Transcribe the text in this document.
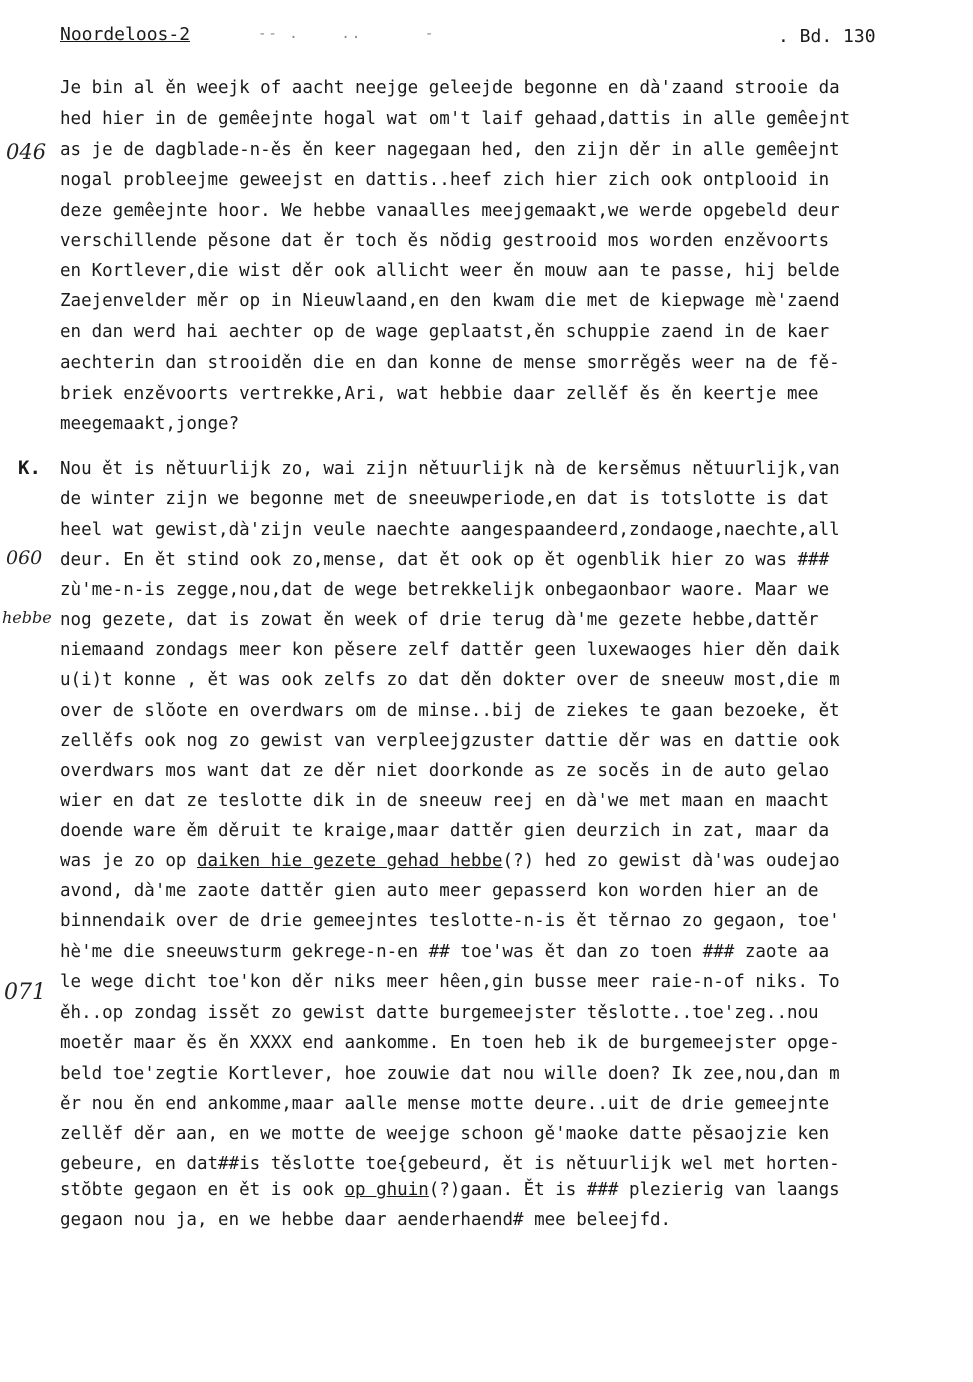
Noordeloos-2	-- .    ..      -	. Bd. 130
046
K.
060
hebbe
071
Je bin al ěn weejk of aacht neejge geleejde begonne en dà'zaand strooie da
hed hier in de gemêejnte hogal wat om't laif gehaad,dattis in alle gemêejnt
as je de dagblade-n-ěs ěn keer nagegaan hed, den zijn děr in alle gemêejnt
nogal probleejme geweejst en dattis..heef zich hier zich ook ontplooid in
deze gemêejnte hoor. We hebbe vanaalles meejgemaakt,we werde opgebeld deur
verschillende pěsone dat ěr toch ěs nŏdig gestrooid mos worden enzěvoorts
en Kortlever,die wist děr ook allicht weer ěn mouw aan te passe, hij belde
Zaejenvelder měr op in Nieuwlaand,en den kwam die met de kiepwage mè'zaend
en dan werd hai aechter op de wage geplaatst,ěn schuppie zaend in de kaer
aechterin dan strooiděn die en dan konne de mense smorrěgěs weer na de fě-
briek enzěvoorts vertrekke,Ari, wat hebbie daar zellěf ěs ěn keertje mee
meegemaakt,jonge?
Nou ět is nětuurlijk zo, wai zijn nětuurlijk nà de kersěmus nětuurlijk,van
de winter zijn we begonne met de sneeuwperiode,en dat is totslotte is dat
heel wat gewist,dà'zijn veule naechte aangespaandeerd,zondaoge,naechte,all
deur. En ět stind ook zo,mense, dat ět ook op ět ogenblik hier zo was ###
zù'me-n-is zegge,nou,dat de wege betrekkelijk onbegaonbaor waore. Maar we
nog gezete, dat is zowat ěn week of drie terug dà'me gezete hebbe,dattěr
niemaand zondags meer kon pěsere zelf dattěr geen luxewaoges hier děn daik
u(i)t konne , ět was ook zelfs zo dat děn dokter over de sneeuw most,die m
over de slŏote en overdwars om de minse..bij de ziekes te gaan bezoeke, ět
zellěfs ook nog zo gewist van verpleejgzuster dattie děr was en dattie ook
overdwars mos want dat ze děr niet doorkonde as ze socěs in de auto gelao
wier en dat ze teslotte dik in de sneeuw reej en dà'we met maan en maacht
doende ware ěm děruit te kraige,maar dattěr gien deurzich in zat, maar da
was je zo op daiken hie gezete gehad hebbe(?) hed zo gewist dà'was oudejao
avond, dà'me zaote dattěr gien auto meer gepasserd kon worden hier an de
binnendaik over de drie gemeejntes teslotte-n-is ět těrnao zo gegaon, toe'
hè'me die sneeuwsturm gekrege-n-en ## toe'was ět dan zo toen ### zaote aa
le wege dicht toe'kon děr niks meer hêen,gin busse meer raie-n-of niks. To
ěh..op zondag issět zo gewist datte burgemeejster těslotte..toe'zeg..nou
moetěr maar ěs ěn XXXX end aankomme. En toen heb ik de burgemeejster opge-
beld toe'zegtie Kortlever, hoe zouwie dat nou wille doen? Ik zee,nou,dan m
ěr nou ěn end ankomme,maar aalle mense motte deure..uit de drie gemeejnte
zellěf děr aan, en we motte de weejge schoon gě'maoke datte pěsaojzie ken
gebeure, en dat##is těslotte toe{gebeurd, ět is nětuurlijk wel met horten-
stŏbte gegaon en ět is ook op ghuin(?)gaan. Ět is ### plezierig van laangs
gegaon nou ja, en we hebbe daar aenderhaend# mee beleejfd.
